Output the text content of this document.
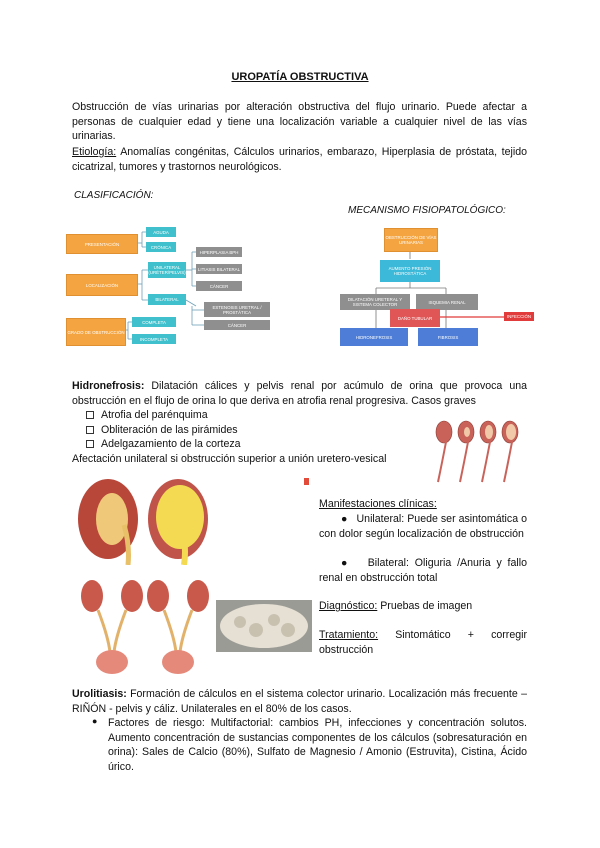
UROPATÍA OBSTRUCTIVA
Obstrucción de vías urinarias por alteración obstructiva del flujo urinario. Puede afectar a personas de cualquier edad y tiene una localización variable a cualquier nivel de las vías urinarias.
Etiología: Anomalías congénitas, Cálculos urinarios, embarazo, Hiperplasia de próstata, tejido cicatrizal, tumores y trastornos neurológicos.
CLASIFICACIÓN:
MECANISMO FISIOPATOLÓGICO:
PRESENTACIÓN
AGUDA
CRÓNICA
LOCALIZACIÓN
UNILATERAL (URÉTER/PELVIS)
BILATERAL
HIPERPLASIA BPH
LITIASIS BILATERAL
CÁNCER
ESTENOSIS URETRAL / PROSTÁTICA
CÁNCER
GRADO DE OBSTRUCCIÓN
COMPLETA
INCOMPLETA
OBSTRUCCIÓN DE VÍAS URINARIAS
AUMENTO PRESIÓN HIDROSTÁTICA
DILATACIÓN URETERAL Y SISTEMA COLECTOR	ISQUEMIA RENAL
DAÑO TUBULAR	INFECCIÓN
HIDRONEFROSIS	FIBROSIS
Hidronefrosis: Dilatación cálices y pelvis renal por acúmulo de orina que provoca una obstrucción en el flujo de orina lo que deriva en atrofia renal progresiva. Casos graves
Atrofia del parénquima
Obliteración de las pirámides
Adelgazamiento de la corteza
Afectación unilateral si obstrucción superior a unión uretero-vesical
Manifestaciones clínicas:
● Unilateral: Puede ser asintomática o con dolor según localización de obstrucción
● Bilateral: Oliguria /Anuria y fallo renal en obstrucción total
Diagnóstico: Pruebas de imagen
Tratamiento: Sintomático + corregir obstrucción
Urolitiasis: Formación de cálculos en el sistema colector urinario. Localización más frecuente – RIÑÓN - pelvis y cáliz. Unilaterales en el 80% de los casos.
● Factores de riesgo: Multifactorial: cambios PH, infecciones y concentración solutos. Aumento concentración de sustancias componentes de los cálculos (sobresaturación en orina): Sales de Calcio (80%), Sulfato de Magnesio / Amonio (Estruvita), Cistina, Ácido úrico.
